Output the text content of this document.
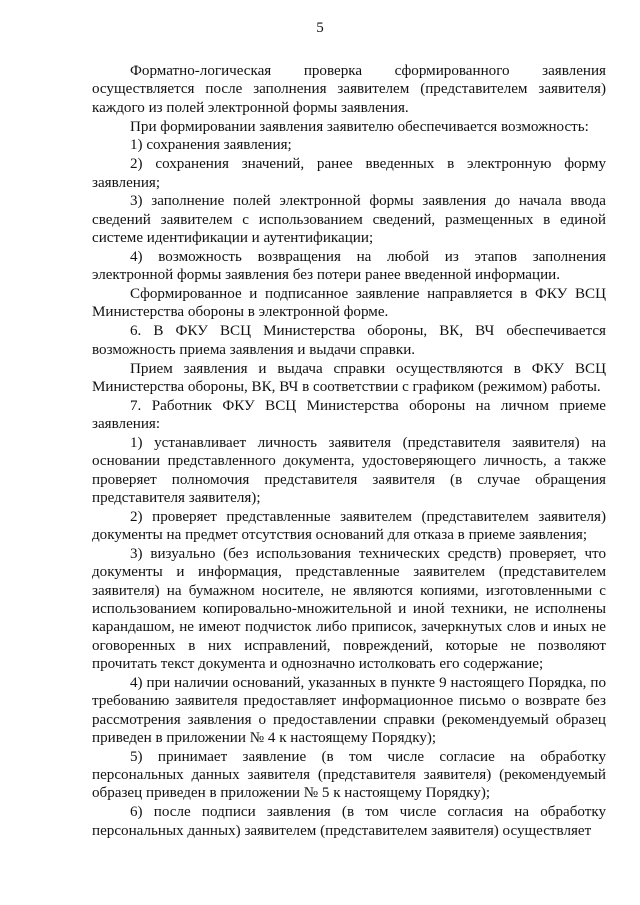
5

Форматно-логическая проверка сформированного заявления осуществляется после заполнения заявителем (представителем заявителя) каждого из полей электронной формы заявления.

При формировании заявления заявителю обеспечивается возможность:

1) сохранения заявления;

2) сохранения значений, ранее введенных в электронную форму заявления;

3) заполнение полей электронной формы заявления до начала ввода сведений заявителем с использованием сведений, размещенных в единой системе идентификации и аутентификации;

4) возможность возвращения на любой из этапов заполнения электронной формы заявления без потери ранее введенной информации.

Сформированное и подписанное заявление направляется в ФКУ ВСЦ Министерства обороны в электронной форме.

6. В ФКУ ВСЦ Министерства обороны, ВК, ВЧ обеспечивается возможность приема заявления и выдачи справки.

Прием заявления и выдача справки осуществляются в ФКУ ВСЦ Министерства обороны, ВК, ВЧ в соответствии с графиком (режимом) работы.

7. Работник ФКУ ВСЦ Министерства обороны на личном приеме заявления:

1) устанавливает личность заявителя (представителя заявителя) на основании представленного документа, удостоверяющего личность, а также проверяет полномочия представителя заявителя (в случае обращения представителя заявителя);

2) проверяет представленные заявителем (представителем заявителя) документы на предмет отсутствия оснований для отказа в приеме заявления;

3) визуально (без использования технических средств) проверяет, что документы и информация, представленные заявителем (представителем заявителя) на бумажном носителе, не являются копиями, изготовленными с использованием копировально-множительной и иной техники, не исполнены карандашом, не имеют подчисток либо приписок, зачеркнутых слов и иных не оговоренных в них исправлений, повреждений, которые не позволяют прочитать текст документа и однозначно истолковать его содержание;

4) при наличии оснований, указанных в пункте 9 настоящего Порядка, по требованию заявителя предоставляет информационное письмо о возврате без рассмотрения заявления о предоставлении справки (рекомендуемый образец приведен в приложении № 4 к настоящему Порядку);

5) принимает заявление (в том числе согласие на обработку персональных данных заявителя (представителя заявителя) (рекомендуемый образец приведен в приложении № 5 к настоящему Порядку);

6) после подписи заявления (в том числе согласия на обработку персональных данных) заявителем (представителем заявителя) осуществляет
